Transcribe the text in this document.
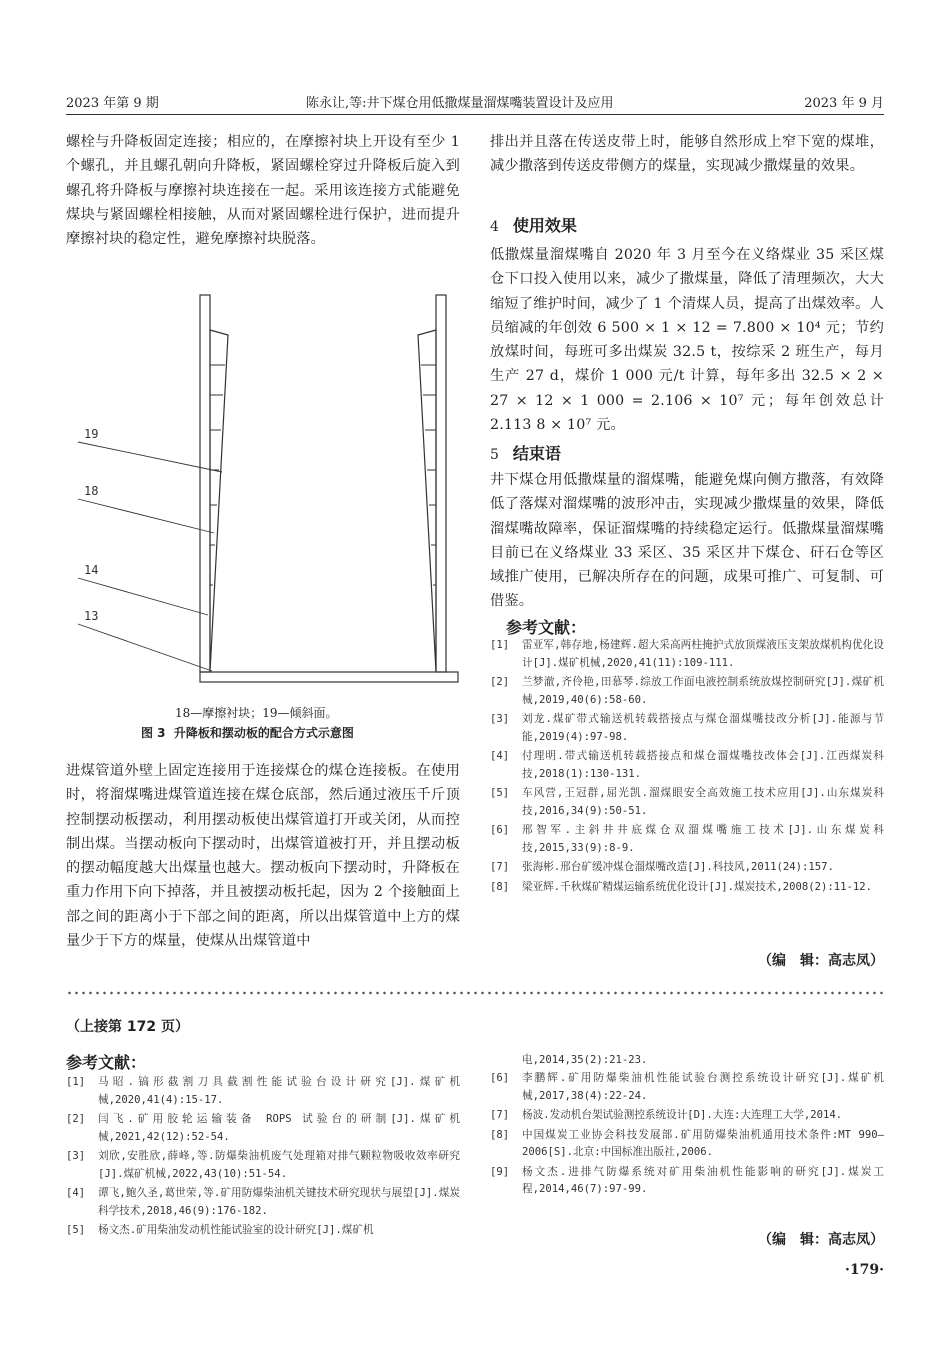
2023 年第 9 期	陈永让,等:井下煤仓用低撒煤量溜煤嘴装置设计及应用	2023 年 9 月
螺栓与升降板固定连接；相应的，在摩擦衬块上开设有至少 1 个螺孔，并且螺孔朝向升降板，紧固螺栓穿过升降板后旋入到螺孔将升降板与摩擦衬块连接在一起。采用该连接方式能避免煤块与紧固螺栓相接触，从而对紧固螺栓进行保护，进而提升摩擦衬块的稳定性，避免摩擦衬块脱落。
19
18
14
13
18—摩擦衬块；19—倾斜面。
图 3 升降板和摆动板的配合方式示意图
进煤管道外壁上固定连接用于连接煤仓的煤仓连接板。在使用时，将溜煤嘴进煤管道连接在煤仓底部，然后通过液压千斤顶控制摆动板摆动，利用摆动板使出煤管道打开或关闭，从而控制出煤。当摆动板向下摆动时，出煤管道被打开，并且摆动板的摆动幅度越大出煤量也越大。摆动板向下摆动时，升降板在重力作用下向下掉落，并且被摆动板托起，因为 2 个接触面上部之间的距离小于下部之间的距离，所以出煤管道中上方的煤量少于下方的煤量，使煤从出煤管道中
排出并且落在传送皮带上时，能够自然形成上窄下宽的煤堆，减少撒落到传送皮带侧方的煤量，实现减少撒煤量的效果。
4 使用效果
低撒煤量溜煤嘴自 2020 年 3 月至今在义络煤业 35 采区煤仓下口投入使用以来，减少了撒煤量，降低了清理频次，大大缩短了维护时间，减少了 1 个清煤人员，提高了出煤效率。人员缩减的年创效 6 500 × 1 × 12 = 7.800 × 10⁴ 元；节约放煤时间，每班可多出煤炭 32.5 t，按综采 2 班生产，每月生产 27 d，煤价 1 000 元/t 计算，每年多出 32.5 × 2 × 27 × 12 × 1 000 = 2.106 × 10⁷ 元；每年创效总计 2.113 8 × 10⁷ 元。
5 结束语
井下煤仓用低撒煤量的溜煤嘴，能避免煤向侧方撒落，有效降低了落煤对溜煤嘴的波形冲击，实现减少撒煤量的效果，降低溜煤嘴故障率，保证溜煤嘴的持续稳定运行。低撒煤量溜煤嘴目前已在义络煤业 33 采区、35 采区井下煤仓、矸石仓等区域推广使用，已解决所存在的问题，成果可推广、可复制、可借鉴。
参考文献：
[1]	雷亚军,韩存地,杨建辉.超大采高两柱掩护式放顶煤液压支架放煤机构优化设计[J].煤矿机械,2020,41(11):109-111.
[2]	兰梦澈,齐伶艳,田慕琴.综放工作面电液控制系统放煤控制研究[J].煤矿机械,2019,40(6):58-60.
[3]	刘龙.煤矿带式输送机转载搭接点与煤仓溜煤嘴技改分析[J].能源与节能,2019(4):97-98.
[4]	付理明.带式输送机转载搭接点和煤仓溜煤嘴技改体会[J].江西煤炭科技,2018(1):130-131.
[5]	车风营,王冠群,屈光凯.溜煤眼安全高效施工技术应用[J].山东煤炭科技,2016,34(9):50-51.
[6]	邢智军.主斜井井底煤仓双溜煤嘴施工技术[J].山东煤炭科技,2015,33(9):8-9.
[7]	张海彬.邢台矿缓冲煤仓溜煤嘴改造[J].科技风,2011(24):157.
[8]	梁亚辉.千秋煤矿精煤运输系统优化设计[J].煤炭技术,2008(2):11-12.
（编　辑：高志凤）
（上接第 172 页）
参考文献：
[1]	马昭.镐形截割刀具截割性能试验台设计研究[J].煤矿机械,2020,41(4):15-17.
[2]	闫飞.矿用胶轮运输装备 ROPS 试验台的研制[J].煤矿机械,2021,42(12):52-54.
[3]	刘欣,安胜欣,薛峰,等.防爆柴油机废气处理箱对排气颗粒物吸收效率研究[J].煤矿机械,2022,43(10):51-54.
[4]	谭飞,鲍久圣,葛世荣,等.矿用防爆柴油机关键技术研究现状与展望[J].煤炭科学技术,2018,46(9):176-182.
[5]	杨文杰.矿用柴油发动机性能试验室的设计研究[J].煤矿机
电,2014,35(2):21-23.
[6]	李鹏辉.矿用防爆柴油机性能试验台测控系统设计研究[J].煤矿机械,2017,38(4):22-24.
[7]	杨波.发动机台架试验测控系统设计[D].大连:大连理工大学,2014.
[8]	中国煤炭工业协会科技发展部.矿用防爆柴油机通用技术条件:MT 990—2006[S].北京:中国标准出版社,2006.
[9]	杨文杰.进排气防爆系统对矿用柴油机性能影响的研究[J].煤炭工程,2014,46(7):97-99.
（编　辑：高志凤）
·179·
